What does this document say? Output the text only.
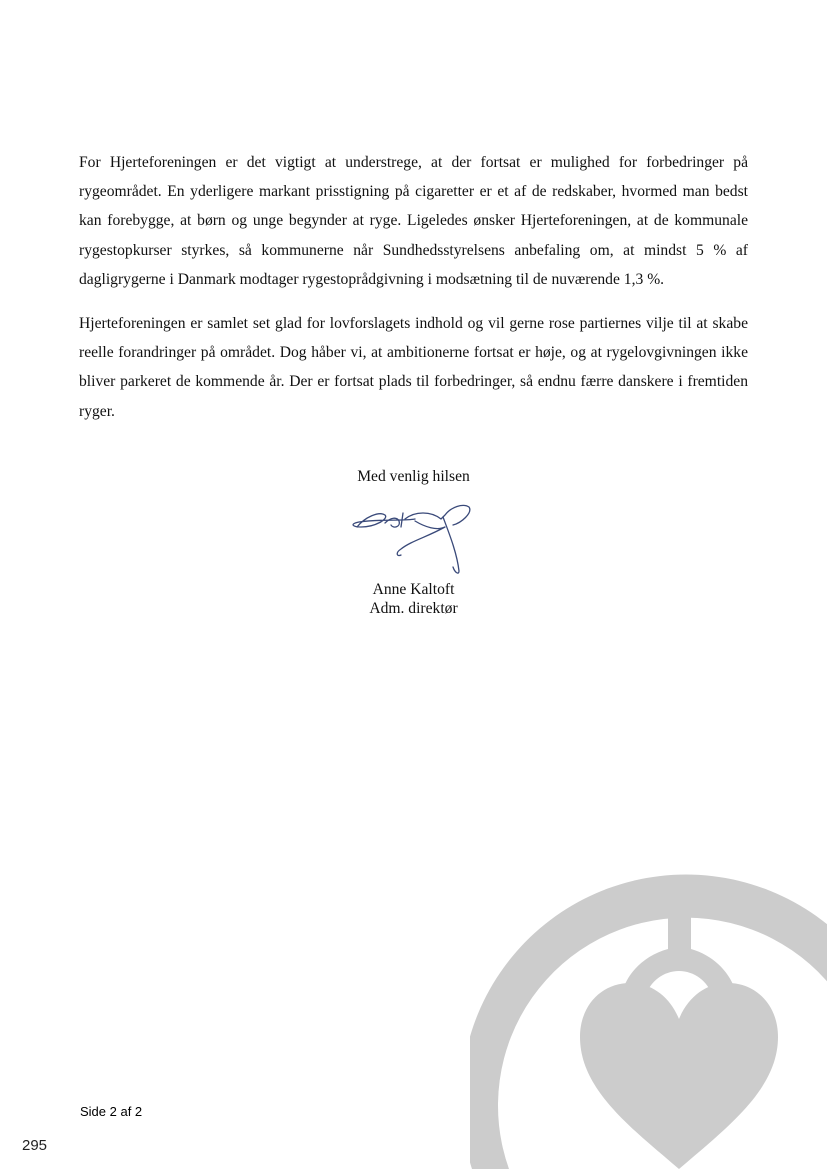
For Hjerteforeningen er det vigtigt at understrege, at der fortsat er mulighed for forbedringer på rygeområdet. En yderligere markant prisstigning på cigaretter er et af de redskaber, hvormed man bedst kan forebygge, at børn og unge begynder at ryge. Ligeledes ønsker Hjerteforeningen, at de kommunale rygestopkurser styrkes, så kommunerne når Sundhedsstyrelsens anbefaling om, at mindst 5 % af dagligrygerne i Danmark modtager rygestoprådgivning i modsætning til de nuværende 1,3 %.

Hjerteforeningen er samlet set glad for lovforslagets indhold og vil gerne rose partiernes vilje til at skabe reelle forandringer på området. Dog håber vi, at ambitionerne fortsat er høje, og at rygelovgivningen ikke bliver parkeret de kommende år. Der er fortsat plads til forbedringer, så endnu færre danskere i fremtiden ryger.

Med venlig hilsen
Anne Kaltoft
Adm. direktør
Side 2 af 2
295
